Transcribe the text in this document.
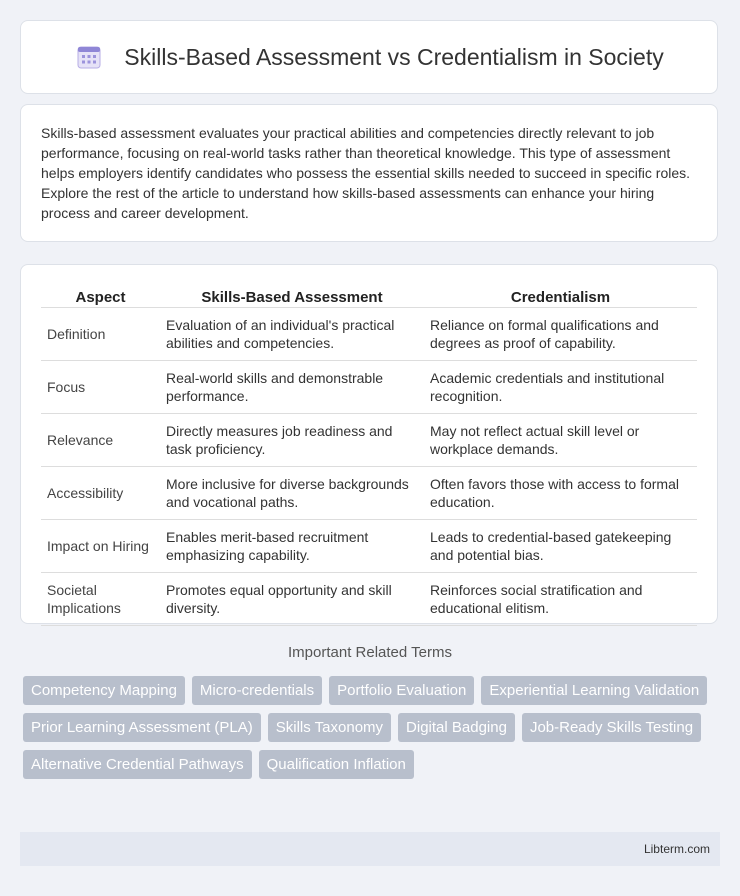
Skills-Based Assessment vs Credentialism in Society

Skills-based assessment evaluates your practical abilities and competencies directly relevant to job performance, focusing on real-world tasks rather than theoretical knowledge. This type of assessment helps employers identify candidates who possess the essential skills needed to succeed in specific roles. Explore the rest of the article to understand how skills-based assessments can enhance your hiring process and career development.

Aspect	Skills-Based Assessment	Credentialism
Definition	Evaluation of an individual's practical abilities and competencies.	Reliance on formal qualifications and degrees as proof of capability.
Focus	Real-world skills and demonstrable performance.	Academic credentials and institutional recognition.
Relevance	Directly measures job readiness and task proficiency.	May not reflect actual skill level or workplace demands.
Accessibility	More inclusive for diverse backgrounds and vocational paths.	Often favors those with access to formal education.
Impact on Hiring	Enables merit-based recruitment emphasizing capability.	Leads to credential-based gatekeeping and potential bias.
Societal Implications	Promotes equal opportunity and skill diversity.	Reinforces social stratification and educational elitism.
Important Related Terms
Competency Mapping	Micro-credentials	Portfolio Evaluation	Experiential Learning Validation
Prior Learning Assessment (PLA)	Skills Taxonomy	Digital Badging	Job-Ready Skills Testing
Alternative Credential Pathways	Qualification Inflation
Libterm.com
